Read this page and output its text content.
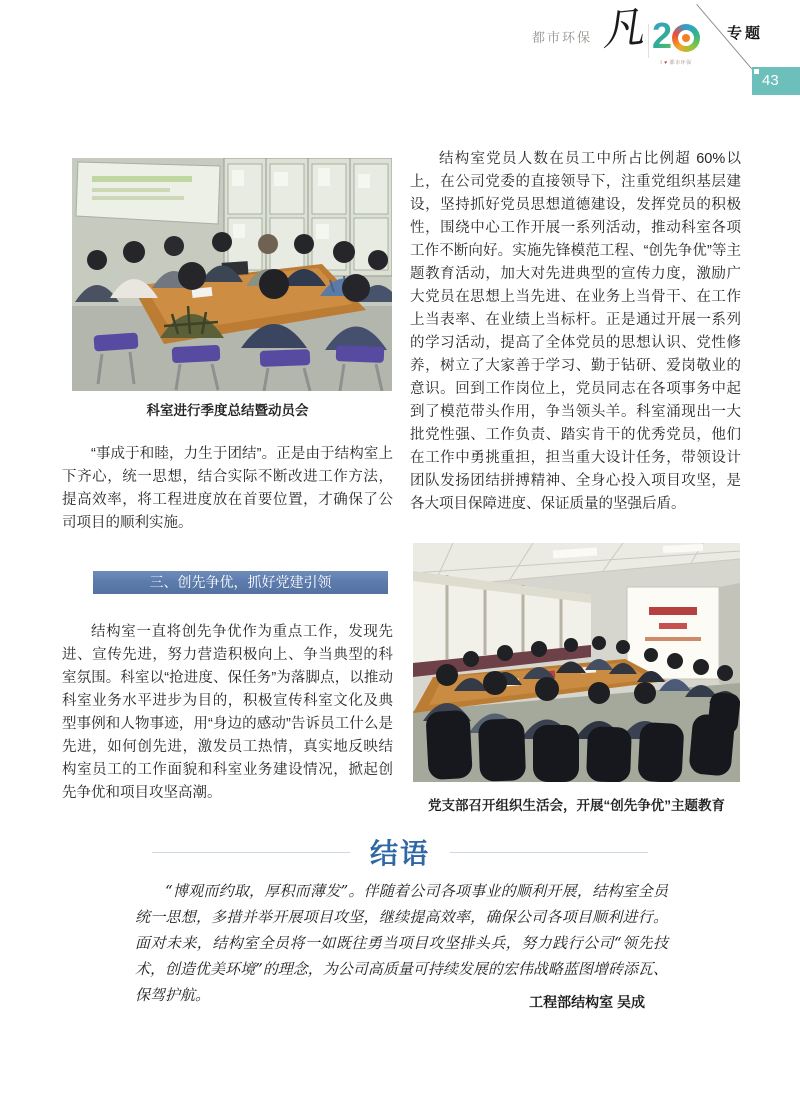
都市环保 凡 2
I ♥ 都市环保
专题
43
科室进行季度总结暨动员会
“事成于和睦，力生于团结”。正是由于结构室上下齐心，统一思想，结合实际不断改进工作方法，提高效率，将工程进度放在首要位置，才确保了公司项目的顺利实施。
三、创先争优，抓好党建引领
结构室一直将创先争优作为重点工作，发现先进、宣传先进，努力营造积极向上、争当典型的科室氛围。科室以“抢进度、保任务”为落脚点，以推动科室业务水平进步为目的，积极宣传科室文化及典型事例和人物事迹，用“身边的感动”告诉员工什么是先进，如何创先进，激发员工热情，真实地反映结构室员工的工作面貌和科室业务建设情况，掀起创先争优和项目攻坚高潮。
结构室党员人数在员工中所占比例超 60%以上，在公司党委的直接领导下，注重党组织基层建设，坚持抓好党员思想道德建设，发挥党员的积极性，围绕中心工作开展一系列活动，推动科室各项工作不断向好。实施先锋模范工程、“创先争优”等主题教育活动，加大对先进典型的宣传力度，激励广大党员在思想上当先进、在业务上当骨干、在工作上当表率、在业绩上当标杆。正是通过开展一系列的学习活动，提高了全体党员的思想认识、党性修养，树立了大家善于学习、勤于钻研、爱岗敬业的意识。回到工作岗位上，党员同志在各项事务中起到了模范带头作用，争当领头羊。科室涌现出一大批党性强、工作负责、踏实肯干的优秀党员，他们在工作中勇挑重担，担当重大设计任务，带领设计团队发扬团结拼搏精神、全身心投入项目攻坚，是各大项目保障进度、保证质量的坚强后盾。
党支部召开组织生活会，开展“创先争优”主题教育
结语
“博观而约取，厚积而薄发”。伴随着公司各项事业的顺利开展，结构室全员统一思想，多措并举开展项目攻坚，继续提高效率，确保公司各项目顺利进行。面对未来，结构室全员将一如既往勇当项目攻坚排头兵，努力践行公司“领先技术，创造优美环境”的理念，为公司高质量可持续发展的宏伟战略蓝图增砖添瓦、保驾护航。	工程部结构室 吴成
